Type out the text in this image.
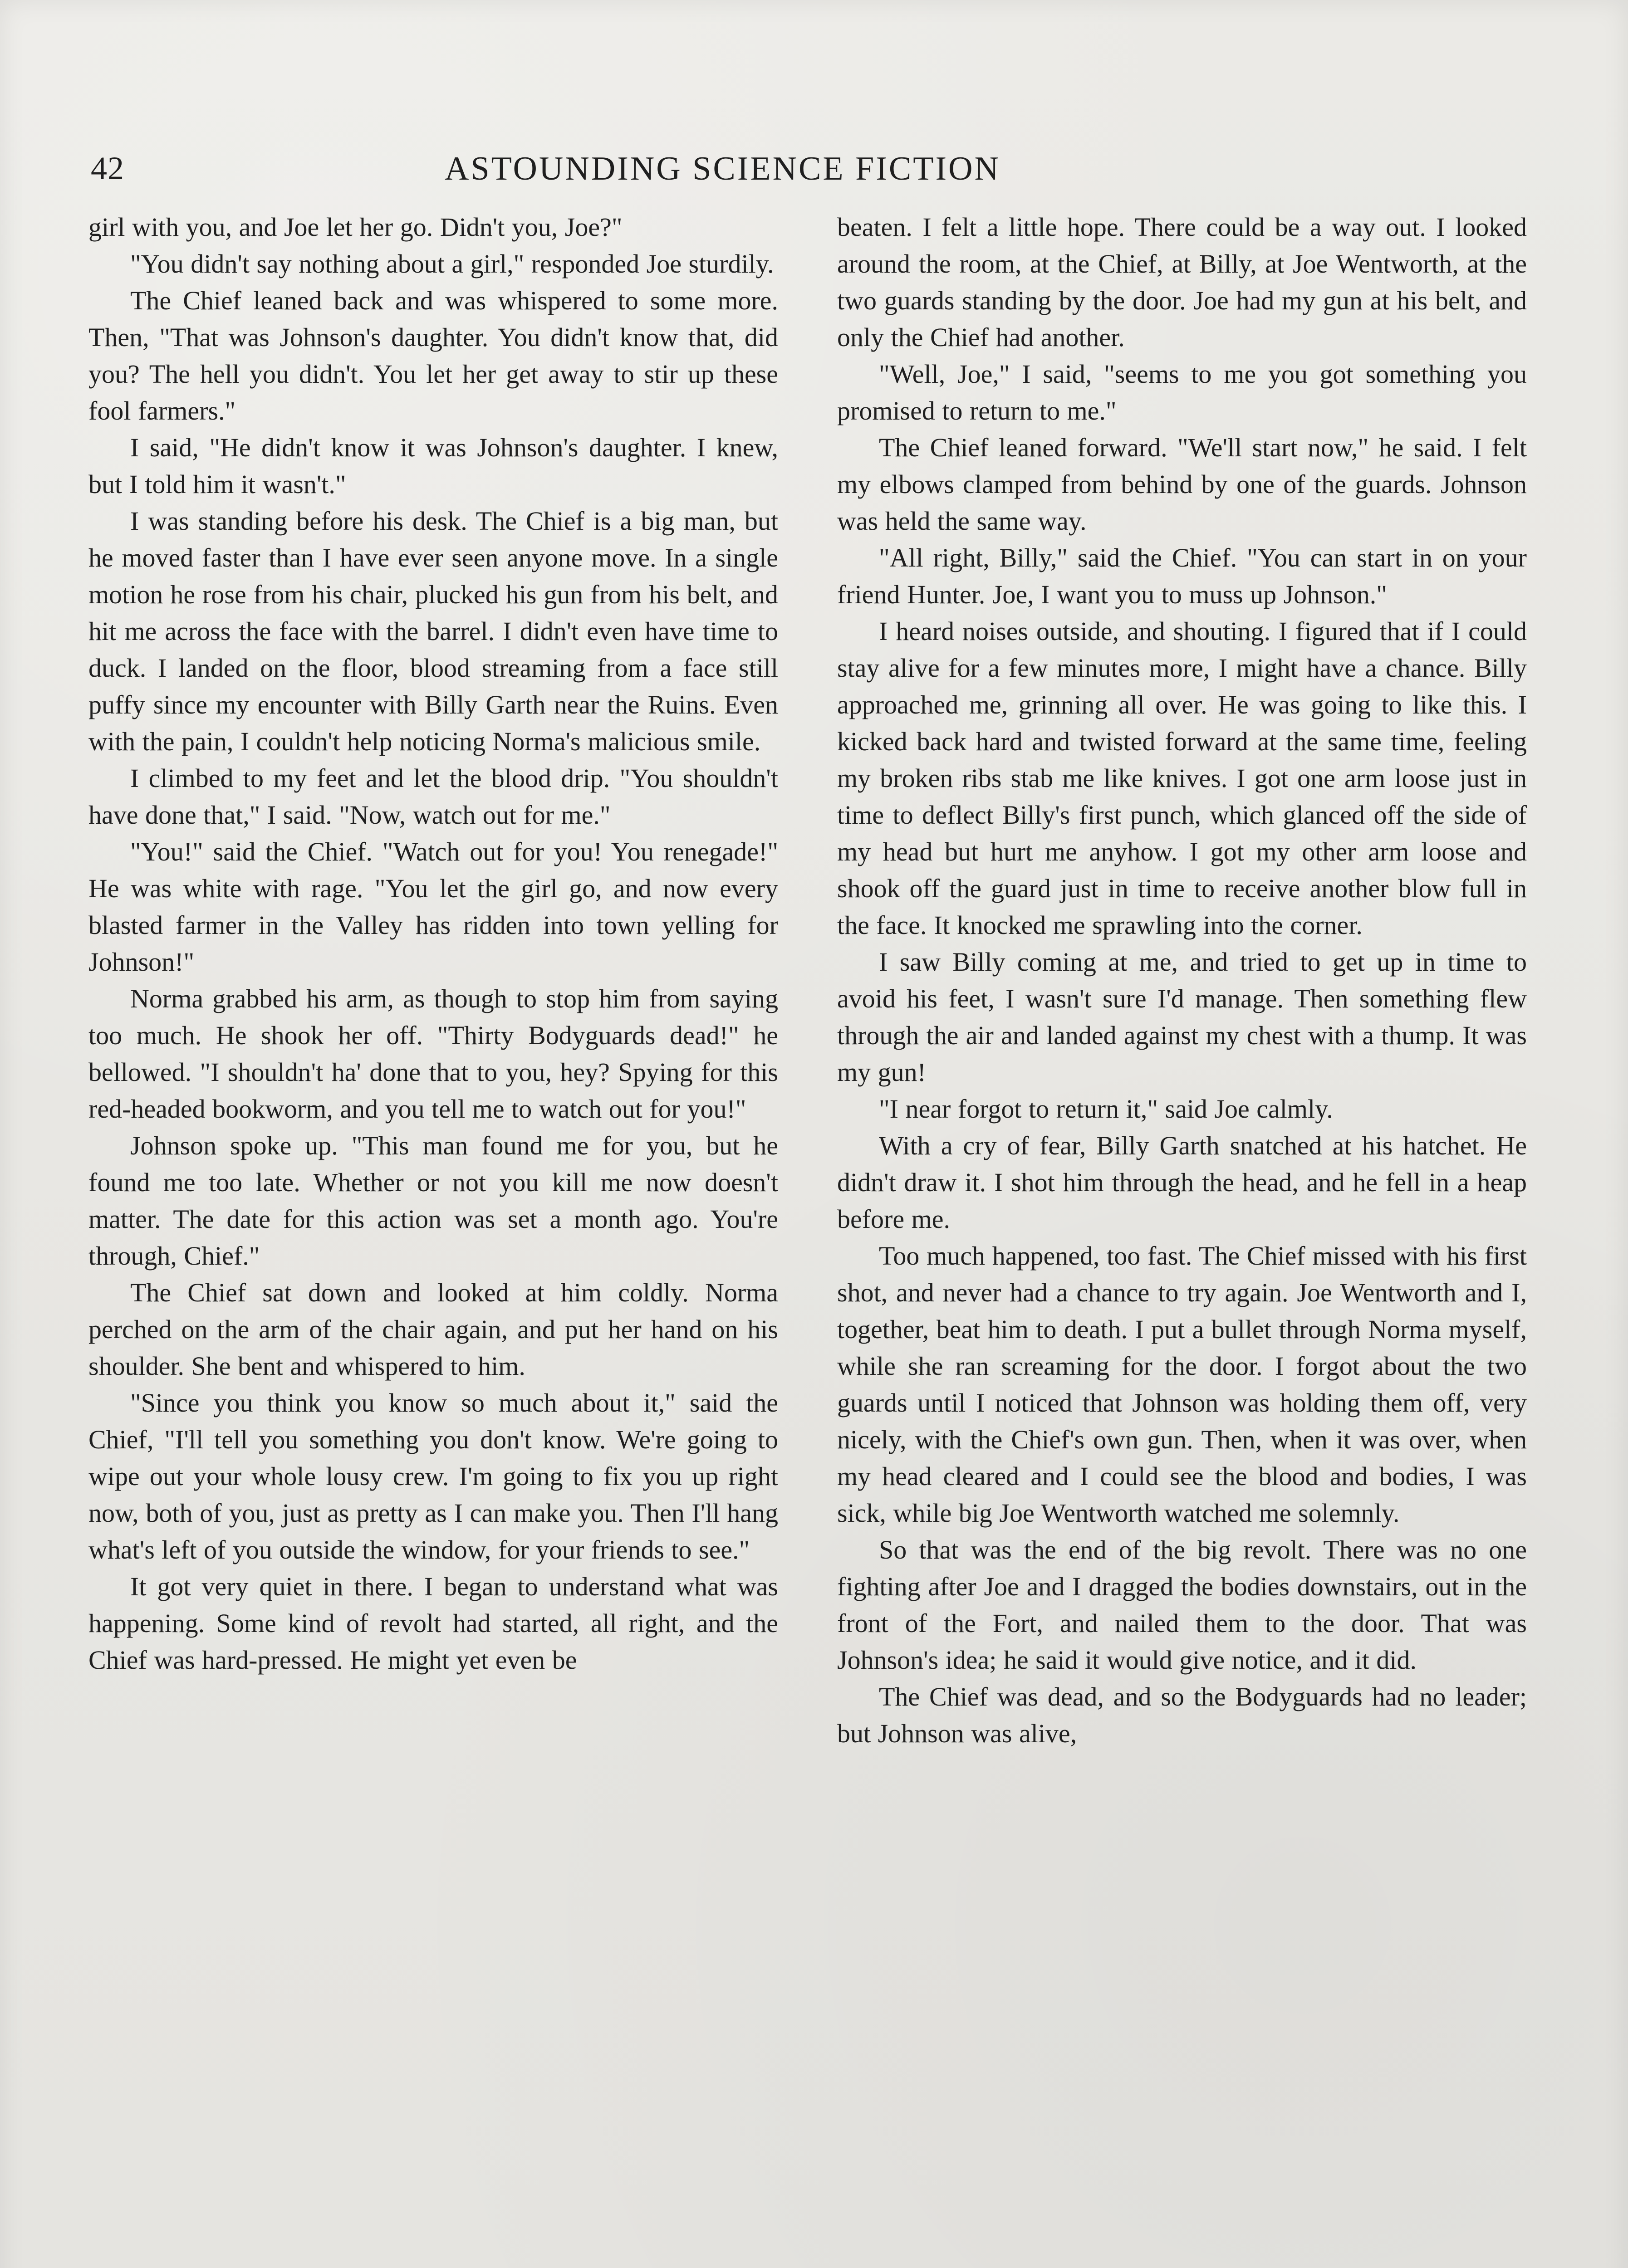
42	ASTOUNDING SCIENCE FICTION

girl with you, and Joe let her go. Didn't you, Joe?"

"You didn't say nothing about a girl," responded Joe sturdily.

The Chief leaned back and was whispered to some more. Then, "That was Johnson's daughter. You didn't know that, did you? The hell you didn't. You let her get away to stir up these fool farmers."

I said, "He didn't know it was Johnson's daughter. I knew, but I told him it wasn't."

I was standing before his desk. The Chief is a big man, but he moved faster than I have ever seen anyone move. In a single motion he rose from his chair, plucked his gun from his belt, and hit me across the face with the barrel. I didn't even have time to duck. I landed on the floor, blood streaming from a face still puffy since my encounter with Billy Garth near the Ruins. Even with the pain, I couldn't help noticing Norma's malicious smile.

I climbed to my feet and let the blood drip. "You shouldn't have done that," I said. "Now, watch out for me."

"You!" said the Chief. "Watch out for you! You renegade!" He was white with rage. "You let the girl go, and now every blasted farmer in the Valley has ridden into town yelling for Johnson!"

Norma grabbed his arm, as though to stop him from saying too much. He shook her off. "Thirty Bodyguards dead!" he bellowed. "I shouldn't ha' done that to you, hey? Spying for this red-headed bookworm, and you tell me to watch out for you!"

Johnson spoke up. "This man found me for you, but he found me too late. Whether or not you kill me now doesn't matter. The date for this action was set a month ago. You're through, Chief."

The Chief sat down and looked at him coldly. Norma perched on the arm of the chair again, and put her hand on his shoulder. She bent and whispered to him.

"Since you think you know so much about it," said the Chief, "I'll tell you something you don't know. We're going to wipe out your whole lousy crew. I'm going to fix you up right now, both of you, just as pretty as I can make you. Then I'll hang what's left of you outside the window, for your friends to see."

It got very quiet in there. I began to understand what was happening. Some kind of revolt had started, all right, and the Chief was hard-pressed. He might yet even be

beaten. I felt a little hope. There could be a way out. I looked around the room, at the Chief, at Billy, at Joe Wentworth, at the two guards standing by the door. Joe had my gun at his belt, and only the Chief had another.

"Well, Joe," I said, "seems to me you got something you promised to return to me."

The Chief leaned forward. "We'll start now," he said. I felt my elbows clamped from behind by one of the guards. Johnson was held the same way.

"All right, Billy," said the Chief. "You can start in on your friend Hunter. Joe, I want you to muss up Johnson."

I heard noises outside, and shouting. I figured that if I could stay alive for a few minutes more, I might have a chance. Billy approached me, grinning all over. He was going to like this. I kicked back hard and twisted forward at the same time, feeling my broken ribs stab me like knives. I got one arm loose just in time to deflect Billy's first punch, which glanced off the side of my head but hurt me anyhow. I got my other arm loose and shook off the guard just in time to receive another blow full in the face. It knocked me sprawling into the corner.

I saw Billy coming at me, and tried to get up in time to avoid his feet, I wasn't sure I'd manage. Then something flew through the air and landed against my chest with a thump. It was my gun!

"I near forgot to return it," said Joe calmly.

With a cry of fear, Billy Garth snatched at his hatchet. He didn't draw it. I shot him through the head, and he fell in a heap before me.

Too much happened, too fast. The Chief missed with his first shot, and never had a chance to try again. Joe Wentworth and I, together, beat him to death. I put a bullet through Norma myself, while she ran screaming for the door. I forgot about the two guards until I noticed that Johnson was holding them off, very nicely, with the Chief's own gun. Then, when it was over, when my head cleared and I could see the blood and bodies, I was sick, while big Joe Wentworth watched me solemnly.

So that was the end of the big revolt. There was no one fighting after Joe and I dragged the bodies downstairs, out in the front of the Fort, and nailed them to the door. That was Johnson's idea; he said it would give notice, and it did.

The Chief was dead, and so the Bodyguards had no leader; but Johnson was alive,
